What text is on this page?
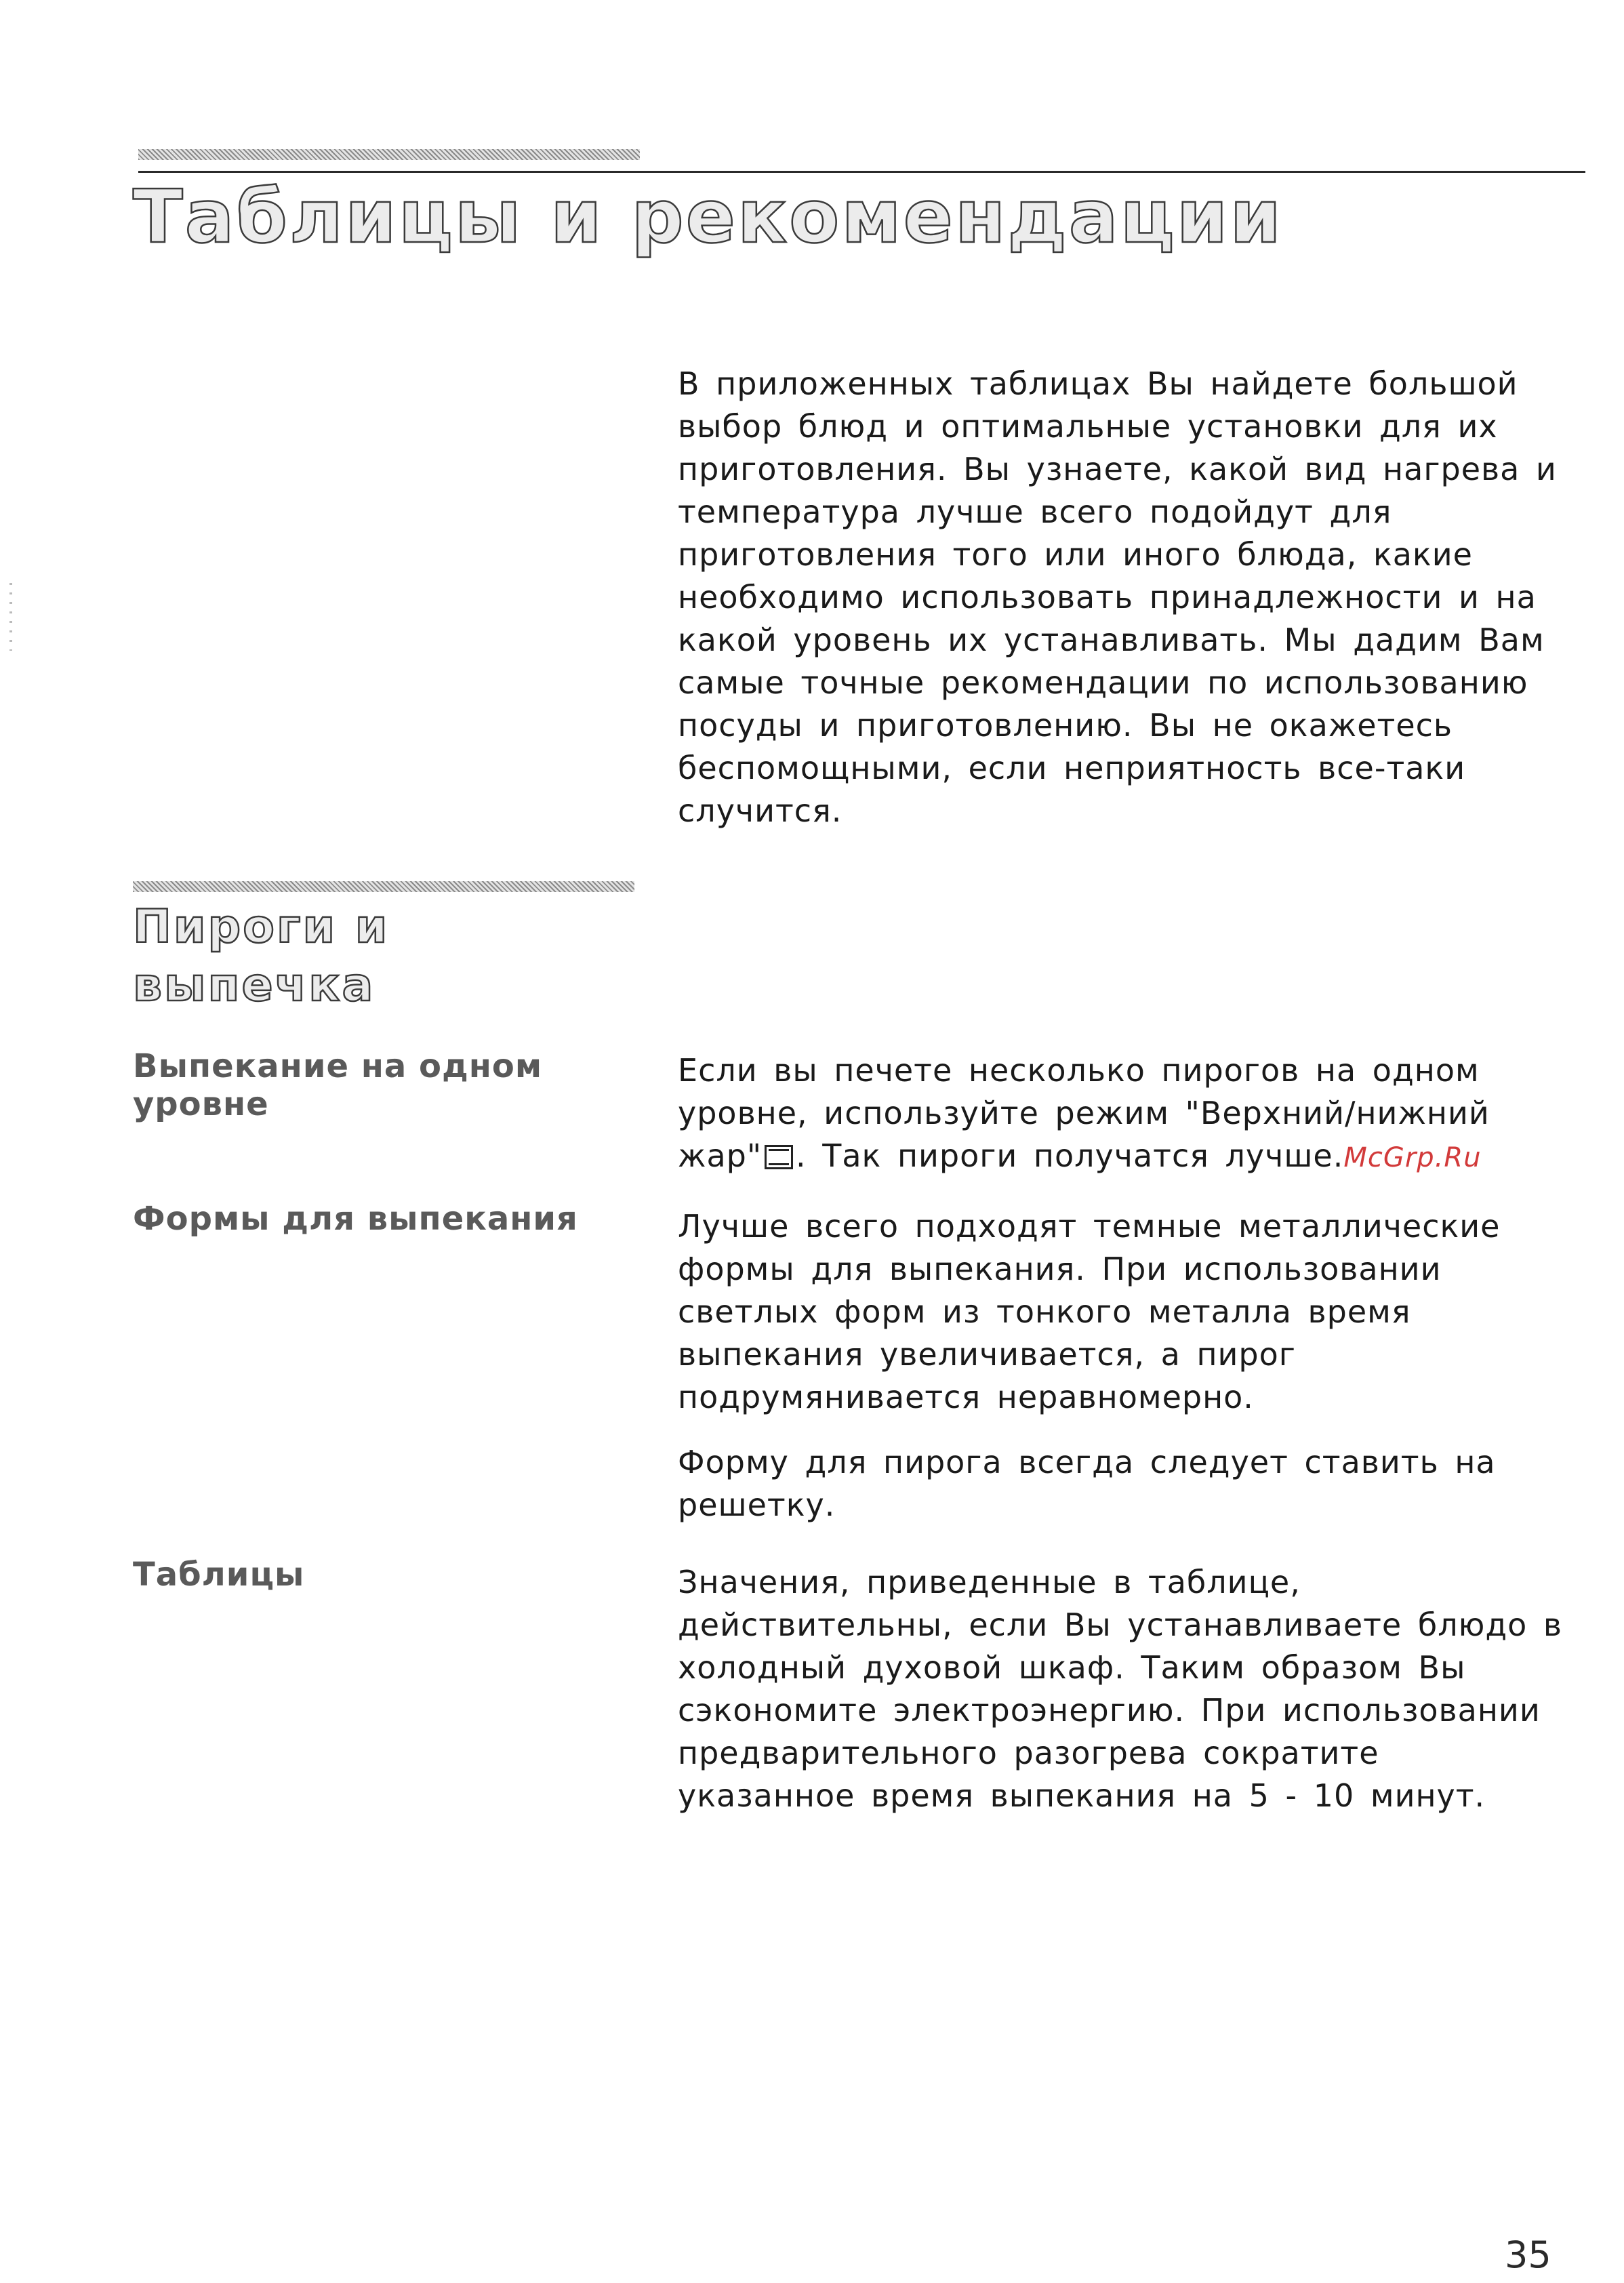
Таблицы и рекомендации

В приложенных таблицах Вы найдете большой выбор блюд и оптимальные установки для их приготовления. Вы узнаете, какой вид нагрева и температура лучше всего подойдут для приготовления того или иного блюда, какие необходимо использовать принадлежности и на какой уровень их устанавливать. Мы дадим Вам самые точные рекомендации по использованию посуды и приготовлению. Вы не окажетесь беспомощными, если неприятность все-таки случится.

Пироги и выпечка
Выпекание на одном уровне

Если вы печете несколько пирогов на одном уровне, используйте режим "Верхний/нижний жар" . Так пироги получатся лучше.McGrp.Ru

Формы для выпекания	Лучше всего подходят темные металлические формы для выпекания. При использовании светлых форм из тонкого металла время выпекания увеличивается, а пирог подрумянивается неравномерно.

Форму для пирога всегда следует ставить на решетку.

Таблицы	Значения, приведенные в таблице, действительны, если Вы устанавливаете блюдо в холодный духовой шкаф. Таким образом Вы сэкономите электроэнергию. При использовании предварительного разогрева сократите указанное время выпекания на 5 - 10 минут.

35
